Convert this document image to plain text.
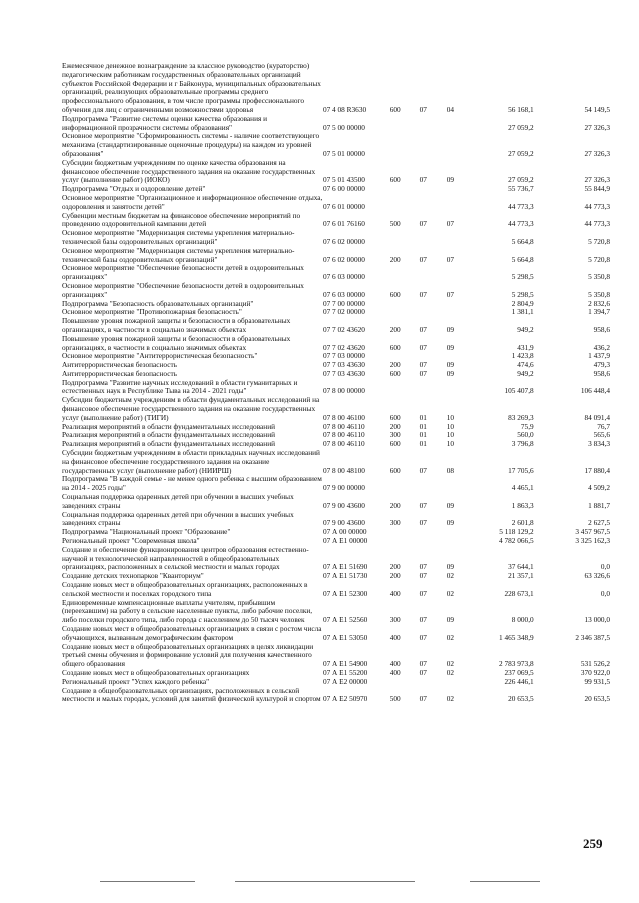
Ежемесячное денежное вознаграждение за классное руководство (кураторство) педагогическим работникам государственных образовательных организаций субъектов Российской Федерации и г Байконура, муниципальных образовательных организаций, реализующих образовательные программы среднего профессионального образования, в том числе программы профессионального обучения для лиц с ограниченными возможностями здоровья	07 4 08 R3630	600	07	04	56 168,1	54 149,5
Подпрограмма "Развитие системы оценки качества образования и информационной прозрачности системы образования"	07 5 00 00000				27 059,2	27 326,3
Основное мероприятие "Сформированность системы - наличие соответствующего механизма (стандартизированные оценочные процедуры) на каждом из уровней образования"	07 5 01 00000				27 059,2	27 326,3
Субсидии бюджетным учреждениям по оценке качества образования на финансовое обеспечение государственного задания на оказание государственных услуг (выполнение работ) (ИОКО)	07 5 01 43500	600	07	09	27 059,2	27 326,3
Подпрограмма "Отдых и оздоровление детей"	07 6 00 00000				55 736,7	55 844,9
Основное мероприятие "Организационное и информационное обеспечение отдыха, оздоровления и занятости детей"	07 6 01 00000				44 773,3	44 773,3
Субвенции местным бюджетам на финансовое обеспечение мероприятий по проведению оздоровительной кампании детей	07 6 01 76160	500	07	07	44 773,3	44 773,3
Основное мероприятие "Модернизация системы укрепления материально-технической базы оздоровительных организаций"	07 6 02 00000				5 664,8	5 720,8
Основное мероприятие "Модернизация системы укрепления материально-технической базы оздоровительных организаций"	07 6 02 00000	200	07	07	5 664,8	5 720,8
Основное мероприятие "Обеспечение безопасности детей в оздоровительных организациях"	07 6 03 00000				5 298,5	5 350,8
Основное мероприятие "Обеспечение безопасности детей в оздоровительных организациях"	07 6 03 00000	600	07	07	5 298,5	5 350,8
Подпрограмма "Безопасность образовательных организаций"	07 7 00 00000				2 804,9	2 832,6
Основное мероприятие "Противопожарная безопасность"	07 7 02 00000				1 381,1	1 394,7
Повышение уровня пожарной защиты и безопасности в образовательных организациях, в частности в социально значимых объектах	07 7 02 43620	200	07	09	949,2	958,6
Повышение уровня пожарной защиты и безопасности в образовательных организациях, в частности в социально значимых объектах	07 7 02 43620	600	07	09	431,9	436,2
Основное мероприятие "Антитеррористическая безопасность"	07 7 03 00000				1 423,8	1 437,9
Антитеррористическая безопасность	07 7 03 43630	200	07	09	474,6	479,3
Антитеррористическая безопасность	07 7 03 43630	600	07	09	949,2	958,6
Подпрограмма "Развитие научных исследований в области гуманитарных и естественных наук в Республике Тыва на 2014 - 2021 годы"	07 8 00 00000				105 407,8	106 448,4
Субсидии бюджетным учреждениям в области фундаментальных исследований на финансовое обеспечение государственного задания на оказание государственных услуг (выполнение работ) (ТИГИ)	07 8 00 46100	600	01	10	83 269,3	84 091,4
Реализация мероприятий в области фундаментальных исследований	07 8 00 46110	200	01	10	75,9	76,7
Реализация мероприятий в области фундаментальных исследований	07 8 00 46110	300	01	10	560,0	565,6
Реализация мероприятий в области фундаментальных исследований	07 8 00 46110	600	01	10	3 796,8	3 834,3
Субсидии бюджетным учреждениям в области прикладных научных исследований на финансовое обеспечение государственного задания на оказание государственных услуг (выполнение работ) (НИИРШ)	07 8 00 48100	600	07	08	17 705,6	17 880,4
Подпрограмма "В каждой семье - не менее одного ребенка с высшим образованием на 2014 - 2025 годы"	07 9 00 00000				4 465,1	4 509,2
Социальная поддержка одаренных детей при обучении в высших учебных заведениях страны	07 9 00 43600	200	07	09	1 863,3	1 881,7
Социальная поддержка одаренных детей при обучении в высших учебных заведениях страны	07 9 00 43600	300	07	09	2 601,8	2 627,5
Подпрограмма "Национальный проект "Образование"	07 А 00 00000				5 118 129,2	3 457 967,5
Региональный проект "Современная школа"	07 А Е1 00000				4 782 066,5	3 325 162,3
Создание и обеспечение функционирования центров образования естественно-научной и технологической направленностей в общеобразовательных организациях, расположенных в сельской местности и малых городах	07 А Е1 51690	200	07	09	37 644,1	0,0
Создание детских технопарков "Кванториум"	07 А Е1 51730	200	07	02	21 357,1	63 326,6
Создание новых мест в общеобразовательных организациях, расположенных в сельской местности и поселках городского типа	07 А Е1 52300	400	07	02	228 673,1	0,0
Единовременные компенсационные выплаты учителям, прибывшим (переехавшим) на работу в сельские населенные пункты, либо рабочие поселки, либо поселки городского типа, либо города с населением до 50 тысяч человек	07 А Е1 52560	300	07	09	8 000,0	13 000,0
Создание новых мест в общеобразовательных организациях в связи с ростом числа обучающихся, вызванным демографическим фактором	07 А Е1 53050	400	07	02	1 465 348,9	2 346 387,5
Создание новых мест в общеобразовательных организациях в целях ликвидации третьей смены обучения и формирование условий для получения качественного общего образования	07 А Е1 54900	400	07	02	2 783 973,8	531 526,2
Создание новых мест в общеобразовательных организациях	07 А Е1 55200	400	07	02	237 069,5	370 922,0
Региональный проект "Успех каждого ребенка"	07 А Е2 00000				226 446,1	99 931,5
Создание в общеобразовательных организациях, расположенных в сельской местности и малых городах, условий для занятий физической культурой и спортом	07 А Е2 50970	500	07	02	20 653,5	20 653,5
259
